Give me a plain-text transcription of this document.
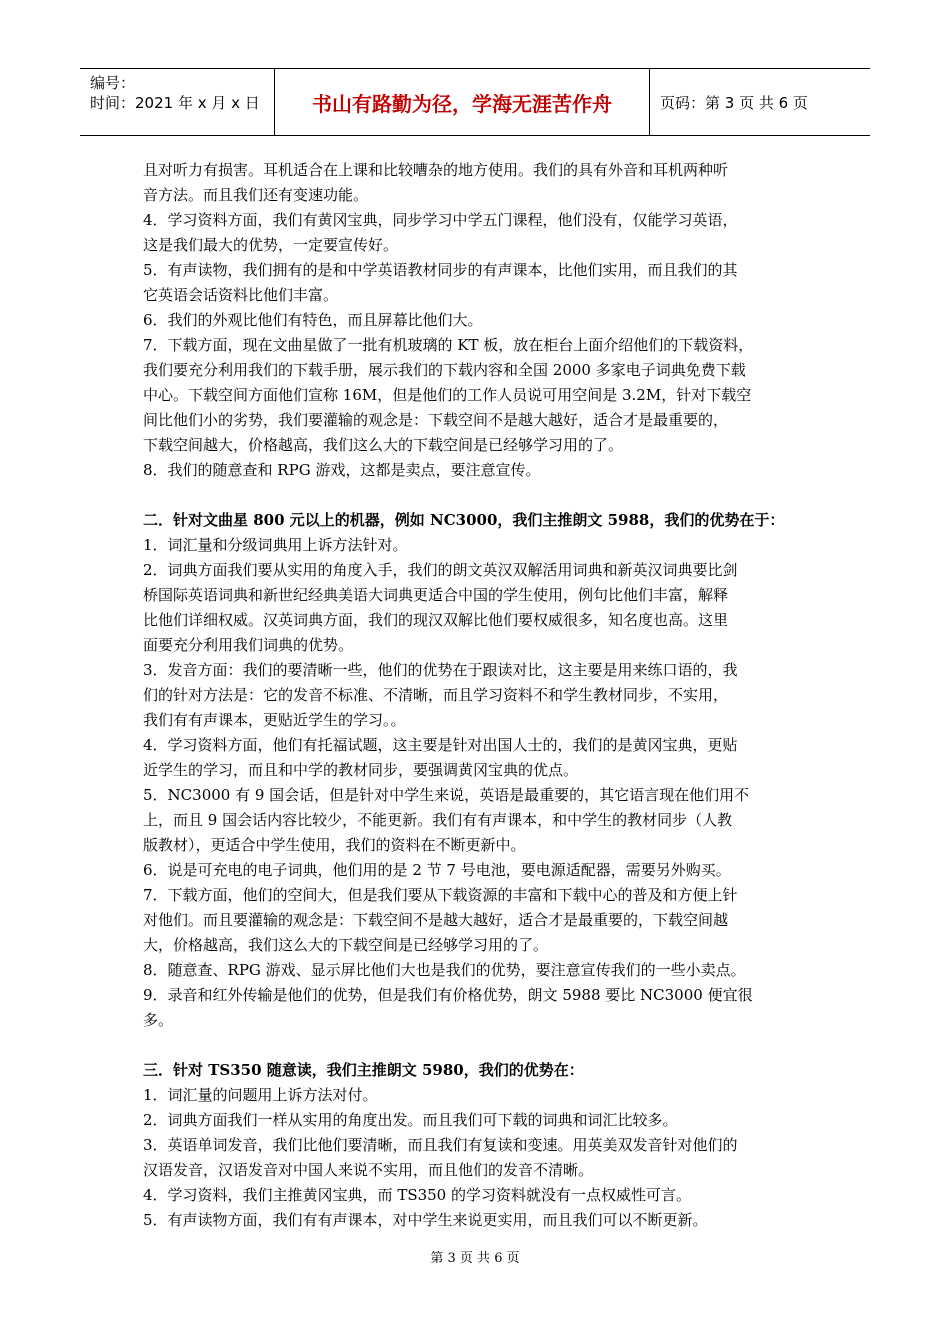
编号：
时间：2021 年 x 月 x 日	书山有路勤为径，学海无涯苦作舟	页码：第 3 页 共 6 页

且对听力有损害。耳机适合在上课和比较嘈杂的地方使用。我们的具有外音和耳机两种听

音方法。而且我们还有变速功能。

4．学习资料方面，我们有黄冈宝典，同步学习中学五门课程，他们没有，仅能学习英语，

这是我们最大的优势，一定要宣传好。

5．有声读物，我们拥有的是和中学英语教材同步的有声课本，比他们实用，而且我们的其

它英语会话资料比他们丰富。

6．我们的外观比他们有特色，而且屏幕比他们大。

7．下载方面，现在文曲星做了一批有机玻璃的 KT 板，放在柜台上面介绍他们的下载资料，

我们要充分利用我们的下载手册，展示我们的下载内容和全国 2000 多家电子词典免费下载

中心。下载空间方面他们宣称 16M，但是他们的工作人员说可用空间是 3.2M，针对下载空

间比他们小的劣势，我们要灌输的观念是：下载空间不是越大越好，适合才是最重要的，

下载空间越大，价格越高，我们这么大的下载空间是已经够学习用的了。

8．我们的随意查和 RPG 游戏，这都是卖点，要注意宣传。

二．针对文曲星 800 元以上的机器，例如 NC3000，我们主推朗文 5988，我们的优势在于：

1．词汇量和分级词典用上诉方法针对。

2．词典方面我们要从实用的角度入手，我们的朗文英汉双解活用词典和新英汉词典要比剑

桥国际英语词典和新世纪经典美语大词典更适合中国的学生使用，例句比他们丰富，解释

比他们详细权威。汉英词典方面，我们的现汉双解比他们要权威很多，知名度也高。这里

面要充分利用我们词典的优势。

3．发音方面：我们的要清晰一些，他们的优势在于跟读对比，这主要是用来练口语的，我

们的针对方法是：它的发音不标准、不清晰，而且学习资料不和学生教材同步，不实用，

我们有有声课本，更贴近学生的学习。。

4．学习资料方面，他们有托福试题，这主要是针对出国人士的，我们的是黄冈宝典，更贴

近学生的学习，而且和中学的教材同步，要强调黄冈宝典的优点。

5．NC3000 有 9 国会话，但是针对中学生来说，英语是最重要的，其它语言现在他们用不

上，而且 9 国会话内容比较少，不能更新。我们有有声课本，和中学生的教材同步（人教

版教材），更适合中学生使用，我们的资料在不断更新中。

6．说是可充电的电子词典，他们用的是 2 节 7 号电池，要电源适配器，需要另外购买。

7．下载方面，他们的空间大，但是我们要从下载资源的丰富和下载中心的普及和方便上针

对他们。而且要灌输的观念是：下载空间不是越大越好，适合才是最重要的，下载空间越

大，价格越高，我们这么大的下载空间是已经够学习用的了。

8．随意查、RPG 游戏、显示屏比他们大也是我们的优势，要注意宣传我们的一些小卖点。

9．录音和红外传输是他们的优势，但是我们有价格优势，朗文 5988 要比 NC3000 便宜很

多。

三．针对 TS350 随意读，我们主推朗文 5980，我们的优势在：

1．词汇量的问题用上诉方法对付。

2．词典方面我们一样从实用的角度出发。而且我们可下载的词典和词汇比较多。

3．英语单词发音，我们比他们要清晰，而且我们有复读和变速。用英美双发音针对他们的

汉语发音，汉语发音对中国人来说不实用，而且他们的发音不清晰。

4．学习资料，我们主推黄冈宝典，而 TS350 的学习资料就没有一点权威性可言。

5．有声读物方面，我们有有声课本，对中学生来说更实用，而且我们可以不断更新。

第 3 页 共 6 页
